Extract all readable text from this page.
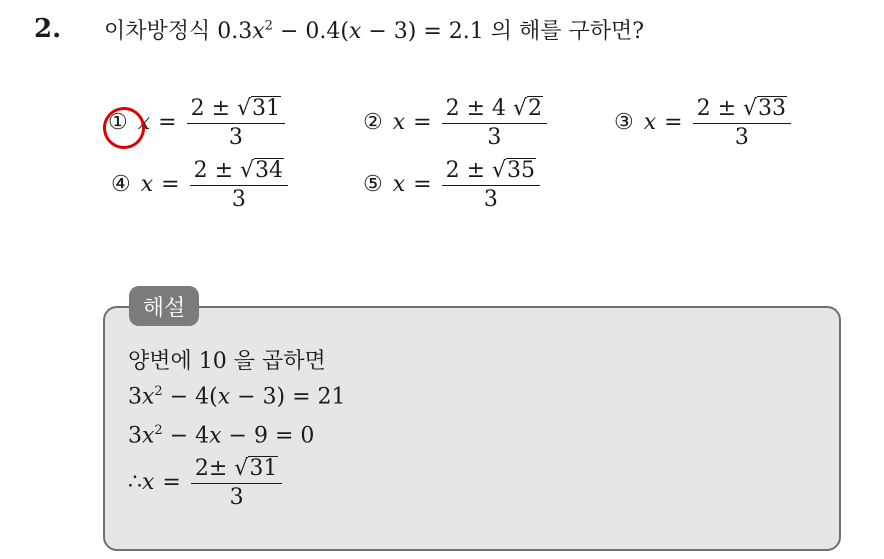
2. 이차방정식 $0.3x^2 - 0.4(x - 3) = 2.1$ 의 해를 구하면?
① $x = \frac{2 \pm √ 31}{3}$	② $x = \frac{2 \pm 4 √ 2}{3}$	③ $x = \frac{2 \pm √ 33}{3}$
④ $x = \frac{2 \pm √ 34}{3}$	⑤ $x = \frac{2 \pm √ 35}{3}$
해설
양변에 10 을 곱하면
$3x^2 - 4(x - 3) = 21$
$3x^2 - 4x - 9 = 0$
∴ $x = \frac{2\pm √ 31}{3}$
